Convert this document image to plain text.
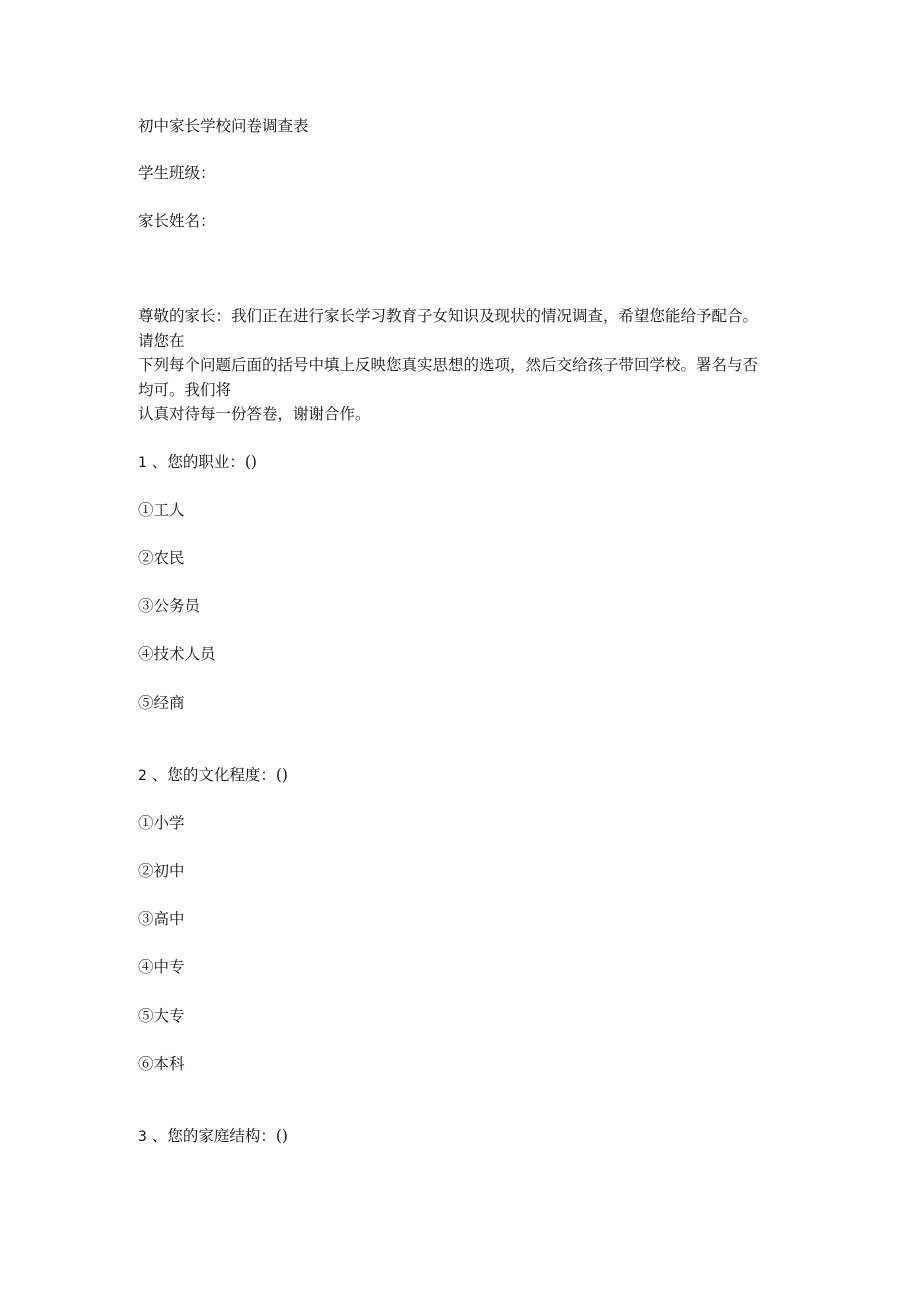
初中家长学校问卷调查表
学生班级：
家长姓名：
尊敬的家长：我们正在进行家长学习教育子女知识及现状的情况调查，希望您能给予配合。
请您在
下列每个问题后面的括号中填上反映您真实思想的选项，然后交给孩子带回学校。署名与否
均可。我们将
认真对待每一份答卷，谢谢合作。
1 、您的职业：()
①工人
②农民
③公务员
④技术人员
⑤经商
2 、您的文化程度：()
①小学
②初中
③高中
④中专
⑤大专
⑥本科
3 、您的家庭结构：()
